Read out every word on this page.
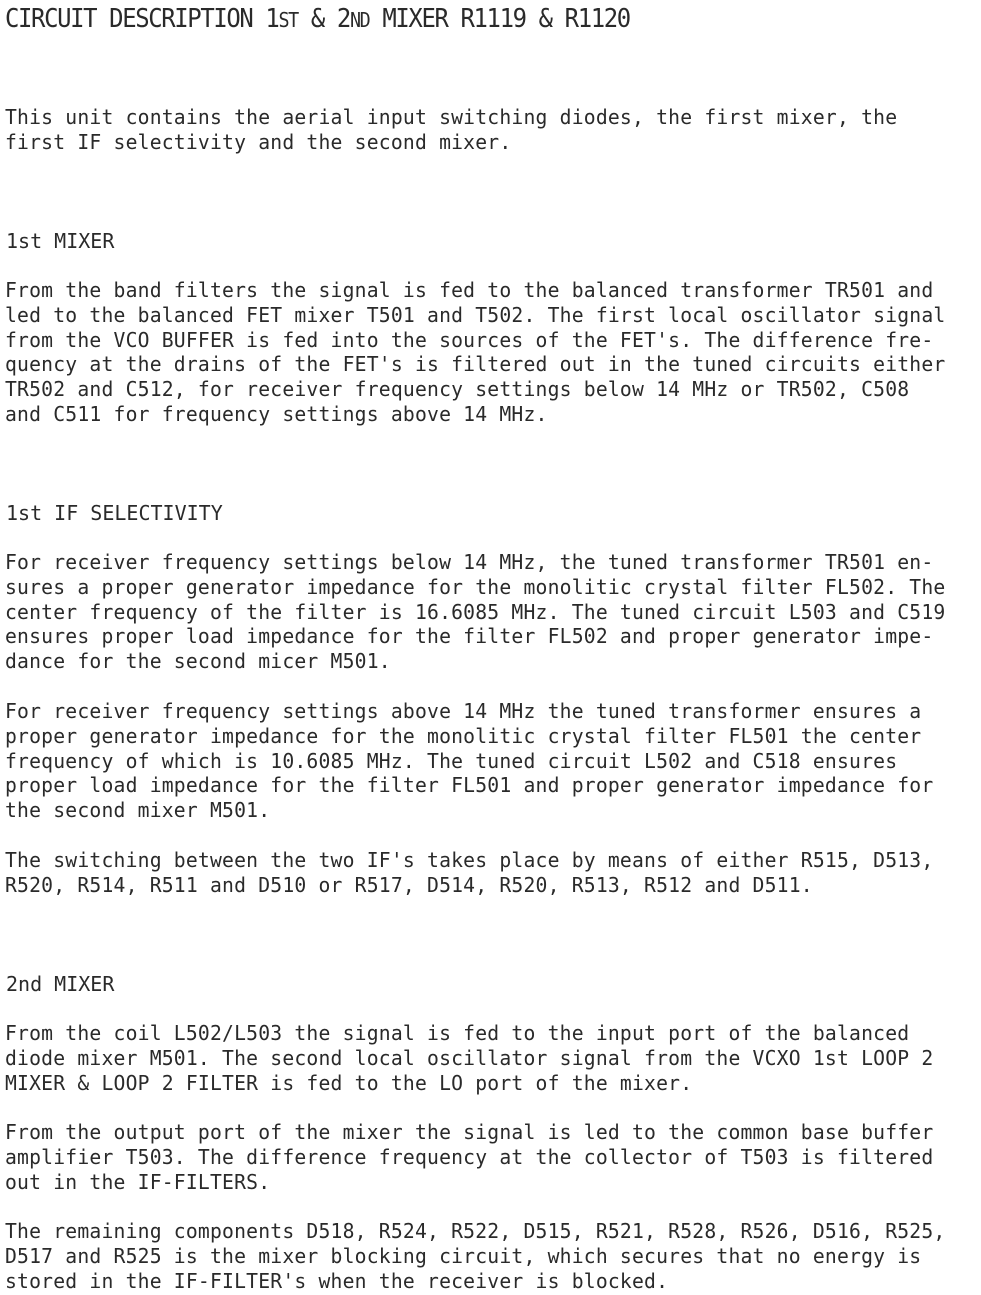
CIRCUIT DESCRIPTION 1ST & 2ND MIXER R1119 & R1120
This unit contains the aerial input switching diodes, the first mixer, the
first IF selectivity and the second mixer.
1st MIXER
From the band filters the signal is fed to the balanced transformer TR501 and
led to the balanced FET mixer T501 and T502. The first local oscillator signal
from the VCO BUFFER is fed into the sources of the FET's. The difference fre-
quency at the drains of the FET's is filtered out in the tuned circuits either
TR502 and C512, for receiver frequency settings below 14 MHz or TR502, C508
and C511 for frequency settings above 14 MHz.
1st IF SELECTIVITY
For receiver frequency settings below 14 MHz, the tuned transformer TR501 en-
sures a proper generator impedance for the monolitic crystal filter FL502. The
center frequency of the filter is 16.6085 MHz. The tuned circuit L503 and C519
ensures proper load impedance for the filter FL502 and proper generator impe-
dance for the second micer M501.
For receiver frequency settings above 14 MHz the tuned transformer ensures a
proper generator impedance for the monolitic crystal filter FL501 the center
frequency of which is 10.6085 MHz. The tuned circuit L502 and C518 ensures
proper load impedance for the filter FL501 and proper generator impedance for
the second mixer M501.
The switching between the two IF's takes place by means of either R515, D513,
R520, R514, R511 and D510 or R517, D514, R520, R513, R512 and D511.
2nd MIXER
From the coil L502/L503 the signal is fed to the input port of the balanced
diode mixer M501. The second local oscillator signal from the VCXO 1st LOOP 2
MIXER & LOOP 2 FILTER is fed to the LO port of the mixer.
From the output port of the mixer the signal is led to the common base buffer
amplifier T503. The difference frequency at the collector of T503 is filtered
out in the IF-FILTERS.
The remaining components D518, R524, R522, D515, R521, R528, R526, D516, R525,
D517 and R525 is the mixer blocking circuit, which secures that no energy is
stored in the IF-FILTER's when the receiver is blocked.
